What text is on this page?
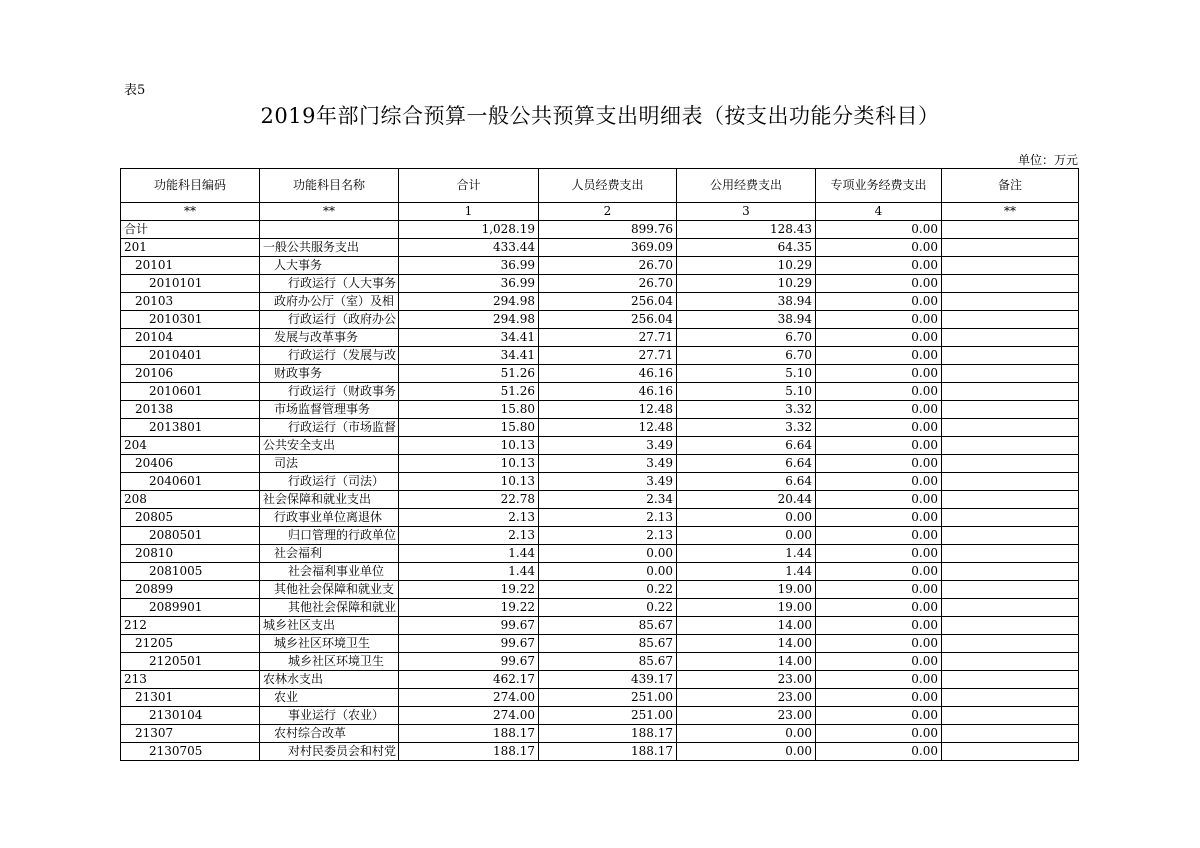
表5
2019年部门综合预算一般公共预算支出明细表（按支出功能分类科目）
单位：万元
功能科目编码	功能科目名称	合计	人员经费支出	公用经费支出	专项业务经费支出	备注
**	**	1	2	3	4	**
合计		1,028.19	899.76	128.43	0.00	
201	一般公共服务支出	433.44	369.09	64.35	0.00	
20101	人大事务	36.99	26.70	10.29	0.00	
2010101	行政运行（人大事务	36.99	26.70	10.29	0.00	
20103	政府办公厅（室）及相	294.98	256.04	38.94	0.00	
2010301	行政运行（政府办公	294.98	256.04	38.94	0.00	
20104	发展与改革事务	34.41	27.71	6.70	0.00	
2010401	行政运行（发展与改	34.41	27.71	6.70	0.00	
20106	财政事务	51.26	46.16	5.10	0.00	
2010601	行政运行（财政事务	51.26	46.16	5.10	0.00	
20138	市场监督管理事务	15.80	12.48	3.32	0.00	
2013801	行政运行（市场监督	15.80	12.48	3.32	0.00	
204	公共安全支出	10.13	3.49	6.64	0.00	
20406	司法	10.13	3.49	6.64	0.00	
2040601	行政运行（司法）	10.13	3.49	6.64	0.00	
208	社会保障和就业支出	22.78	2.34	20.44	0.00	
20805	行政事业单位离退休	2.13	2.13	0.00	0.00	
2080501	归口管理的行政单位	2.13	2.13	0.00	0.00	
20810	社会福利	1.44	0.00	1.44	0.00	
2081005	社会福利事业单位	1.44	0.00	1.44	0.00	
20899	其他社会保障和就业支	19.22	0.22	19.00	0.00	
2089901	其他社会保障和就业	19.22	0.22	19.00	0.00	
212	城乡社区支出	99.67	85.67	14.00	0.00	
21205	城乡社区环境卫生	99.67	85.67	14.00	0.00	
2120501	城乡社区环境卫生	99.67	85.67	14.00	0.00	
213	农林水支出	462.17	439.17	23.00	0.00	
21301	农业	274.00	251.00	23.00	0.00	
2130104	事业运行（农业）	274.00	251.00	23.00	0.00	
21307	农村综合改革	188.17	188.17	0.00	0.00	
2130705	对村民委员会和村党	188.17	188.17	0.00	0.00	
